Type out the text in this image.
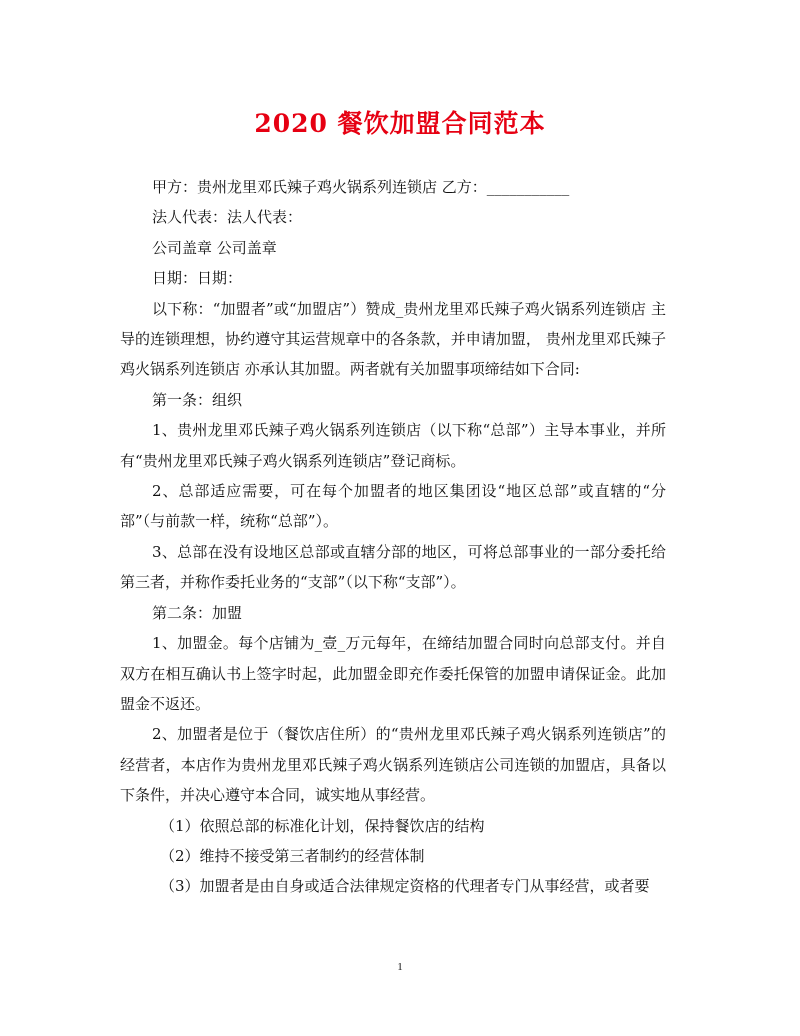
2020 餐饮加盟合同范本

甲方：贵州龙里邓氏辣子鸡火锅系列连锁店 乙方：___________

法人代表：法人代表：

公司盖章 公司盖章

日期：日期：

以下称：“加盟者”或“加盟店”）赞成_贵州龙里邓氏辣子鸡火锅系列连锁店 主导的连锁理想，协约遵守其运营规章中的各条款，并申请加盟， 贵州龙里邓氏辣子鸡火锅系列连锁店 亦承认其加盟。两者就有关加盟事项缔结如下合同:

第一条：组织

1、贵州龙里邓氏辣子鸡火锅系列连锁店（以下称“总部”）主导本事业，并所有“贵州龙里邓氏辣子鸡火锅系列连锁店”登记商标。

2、总部适应需要，可在每个加盟者的地区集团设“地区总部”或直辖的“分部”（与前款一样，统称“总部”）。

3、总部在没有设地区总部或直辖分部的地区，可将总部事业的一部分委托给第三者，并称作委托业务的“支部”（以下称“支部”）。

第二条：加盟

1、加盟金。每个店铺为_壹_万元每年，在缔结加盟合同时向总部支付。并自双方在相互确认书上签字时起，此加盟金即充作委托保管的加盟申请保证金。此加盟金不返还。

2、加盟者是位于（餐饮店住所）的“贵州龙里邓氏辣子鸡火锅系列连锁店”的经营者，本店作为贵州龙里邓氏辣子鸡火锅系列连锁店公司连锁的加盟店，具备以下条件，并决心遵守本合同，诚实地从事经营。

（1）依照总部的标准化计划，保持餐饮店的结构

（2）维持不接受第三者制约的经营体制

（3）加盟者是由自身或适合法律规定资格的代理者专门从事经营，或者要

1
